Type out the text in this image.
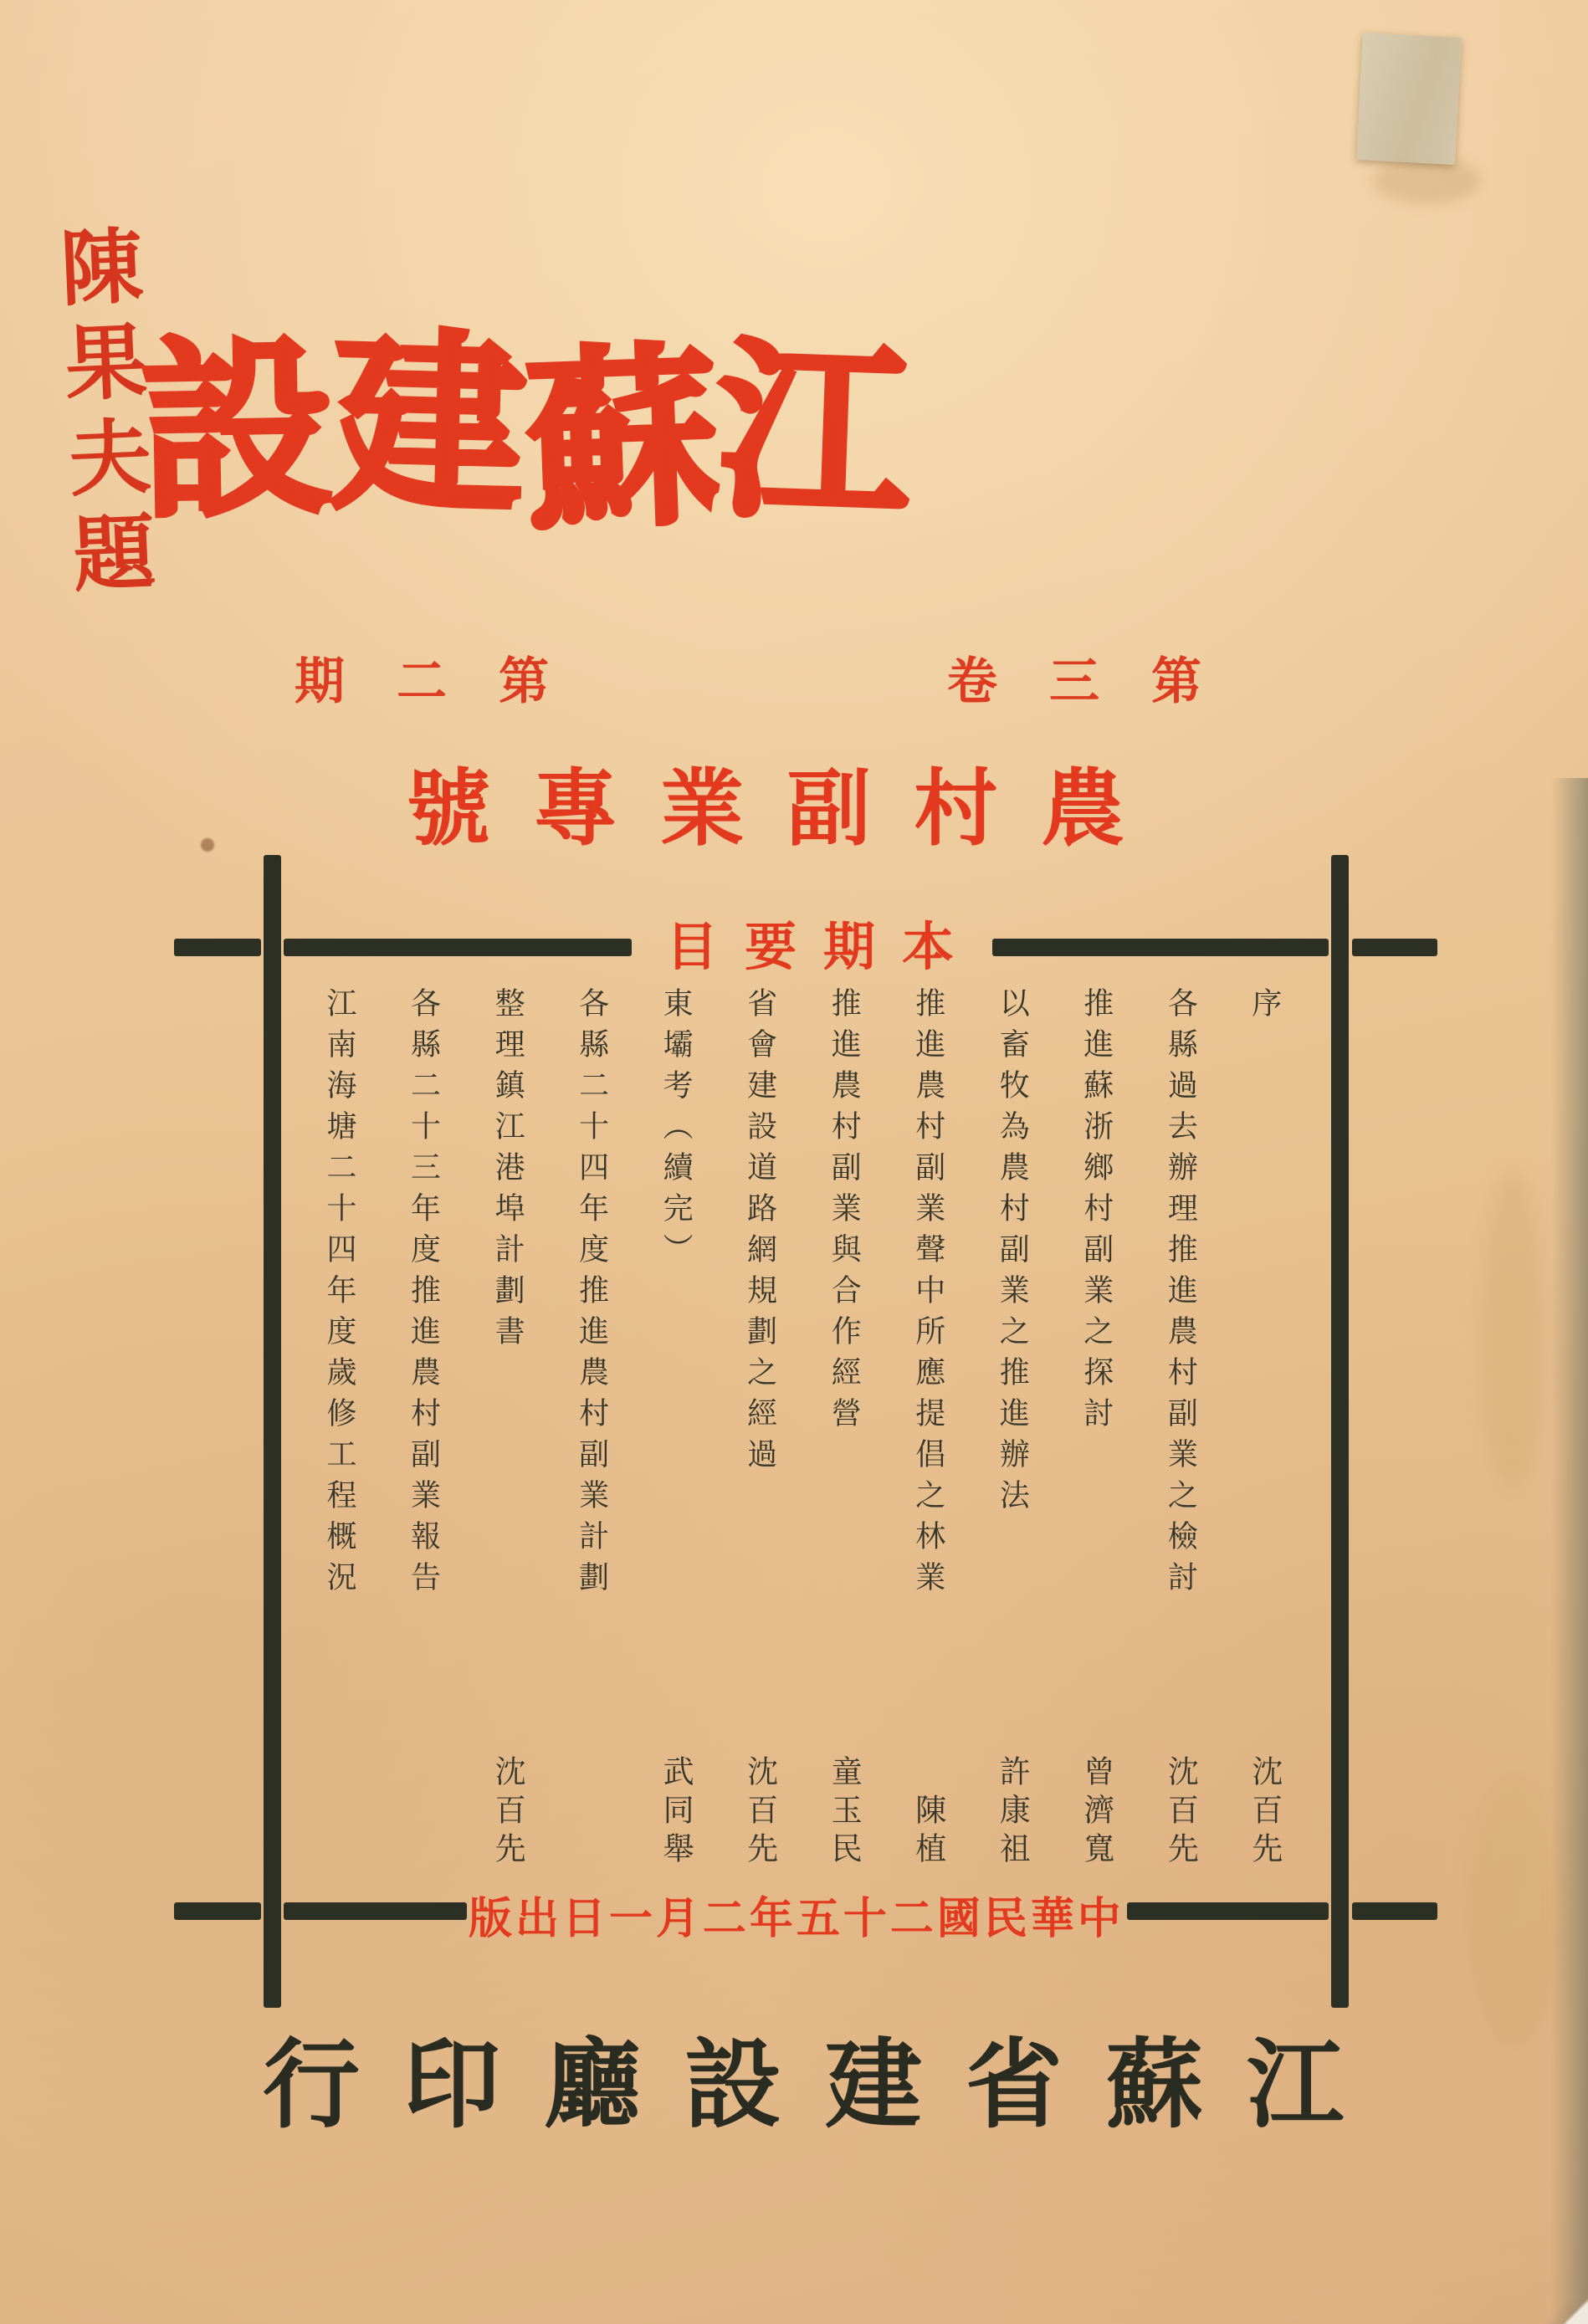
陳果夫題	江
蘇
建
設
第
三
卷
第
二
期
農
村
副
業
專
號
本
期
要
目
序
沈百先
各縣過去辦理推進農村副業之檢討
沈百先
推進蘇浙鄉村副業之探討
曾濟寬
以畜牧為農村副業之推進辦法
許康祖
推進農村副業聲中所應提倡之林業
陳植
推進農村副業與合作經營
童玉民
省會建設道路網規劃之經過
沈百先
東壩考︵續完︶
武同舉
各縣二十四年度推進農村副業計劃
整理鎮江港埠計劃書
沈百先
各縣二十三年度推進農村副業報告
江南海塘二十四年度歲修工程概況
中
華
民
國
二
十
五
年
二
月
一
日
出
版
江
蘇
省
建
設
廳
印
行
